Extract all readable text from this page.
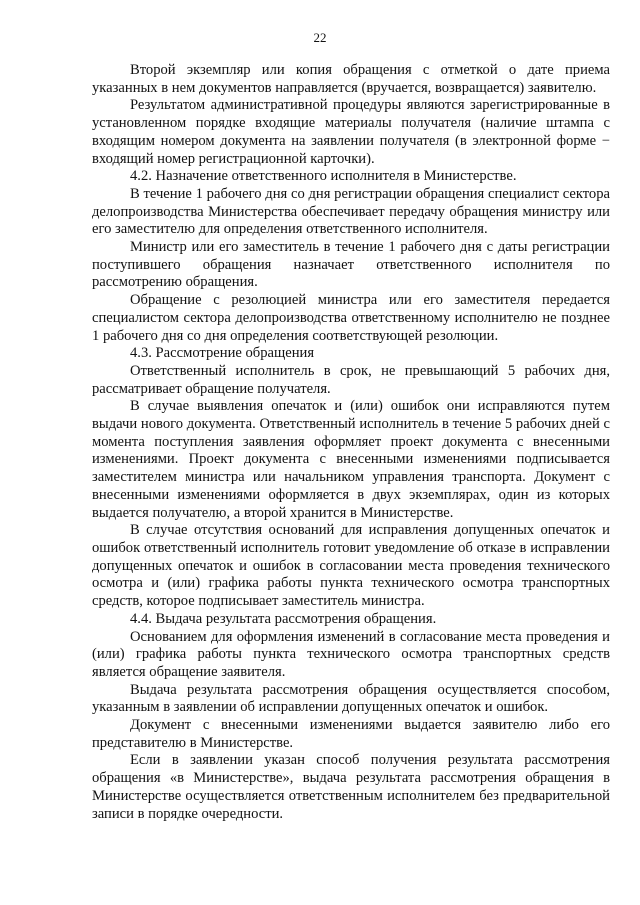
22

Второй экземпляр или копия обращения с отметкой о дате приема указанных в нем документов направляется (вручается, возвращается) заявителю.

Результатом административной процедуры являются зарегистрированные в установленном порядке входящие материалы получателя (наличие штампа с входящим номером документа на заявлении получателя (в электронной форме − входящий номер регистрационной карточки).

4.2. Назначение ответственного исполнителя в Министерстве.

В течение 1 рабочего дня со дня регистрации обращения специалист сектора делопроизводства Министерства обеспечивает передачу обращения министру или его заместителю для определения ответственного исполнителя.

Министр или его заместитель в течение 1 рабочего дня с даты регистрации поступившего обращения назначает ответственного исполнителя по рассмотрению обращения.

Обращение с резолюцией министра или его заместителя передается специалистом сектора делопроизводства ответственному исполнителю не позднее 1 рабочего дня со дня определения соответствующей резолюции.

4.3. Рассмотрение обращения

Ответственный исполнитель в срок, не превышающий 5 рабочих дня, рассматривает обращение получателя.

В случае выявления опечаток и (или) ошибок они исправляются путем выдачи нового документа. Ответственный исполнитель в течение 5 рабочих дней с момента поступления заявления оформляет проект документа с внесенными изменениями. Проект документа с внесенными изменениями подписывается заместителем министра или начальником управления транспорта. Документ с внесенными изменениями оформляется в двух экземплярах, один из которых выдается получателю, а второй хранится в Министерстве.

В случае отсутствия оснований для исправления допущенных опечаток и ошибок ответственный исполнитель готовит уведомление об отказе в исправлении допущенных опечаток и ошибок в согласовании места проведения технического осмотра и (или) графика работы пункта технического осмотра транспортных средств, которое подписывает заместитель министра.

4.4. Выдача результата рассмотрения обращения.

Основанием для оформления изменений в согласование места проведения и (или) графика работы пункта технического осмотра транспортных средств является обращение заявителя.

Выдача результата рассмотрения обращения осуществляется способом, указанным в заявлении об исправлении допущенных опечаток и ошибок.

Документ с внесенными изменениями выдается заявителю либо его представителю в Министерстве.

Если в заявлении указан способ получения результата рассмотрения обращения «в Министерстве», выдача результата рассмотрения обращения в Министерстве осуществляется ответственным исполнителем без предварительной записи в порядке очередности.
